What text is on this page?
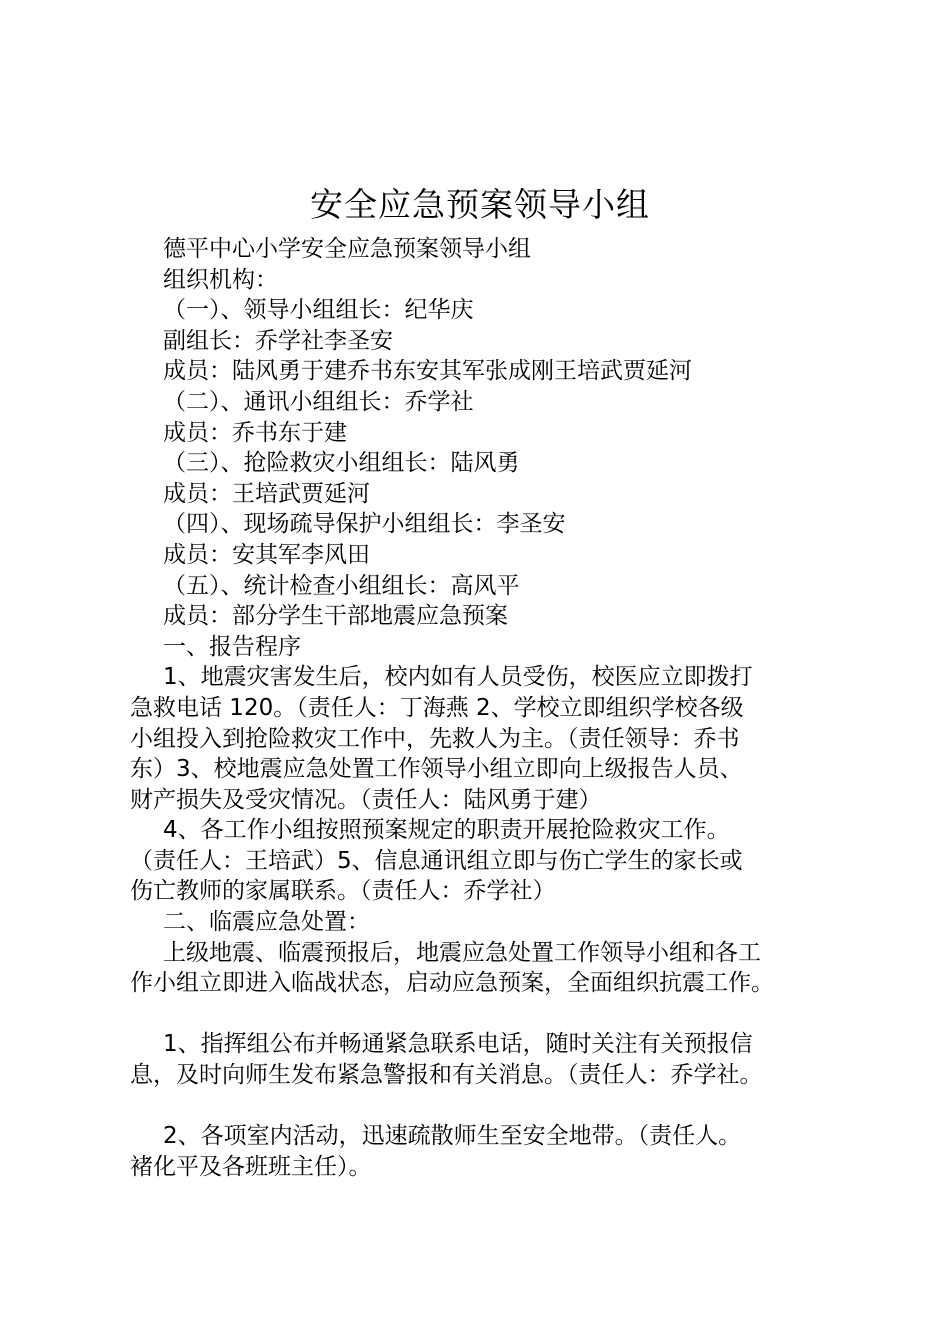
安全应急预案领导小组
德平中心小学安全应急预案领导小组
组织机构：
（一）、领导小组组长：纪华庆
副组长：乔学社李圣安
成员：陆风勇于建乔书东安其军张成刚王培武贾延河
（二）、通讯小组组长：乔学社
成员：乔书东于建
（三）、抢险救灾小组组长：陆风勇
成员：王培武贾延河
（四）、现场疏导保护小组组长：李圣安
成员：安其军李风田
（五）、统计检查小组组长：高风平
成员：部分学生干部地震应急预案
一、报告程序
1、地震灾害发生后，校内如有人员受伤，校医应立即拨打
急救电话 120。（责任人：丁海燕 2、学校立即组织学校各级
小组投入到抢险救灾工作中，先救人为主。（责任领导：乔书
东）3、校地震应急处置工作领导小组立即向上级报告人员、
财产损失及受灾情况。（责任人：陆风勇于建）
4、各工作小组按照预案规定的职责开展抢险救灾工作。
（责任人：王培武）5、信息通讯组立即与伤亡学生的家长或
伤亡教师的家属联系。（责任人：乔学社）
二、临震应急处置：
上级地震、临震预报后，地震应急处置工作领导小组和各工
作小组立即进入临战状态，启动应急预案，全面组织抗震工作。
1、指挥组公布并畅通紧急联系电话，随时关注有关预报信
息，及时向师生发布紧急警报和有关消息。（责任人：乔学社。
2、各项室内活动，迅速疏散师生至安全地带。（责任人。
褚化平及各班班主任）。
